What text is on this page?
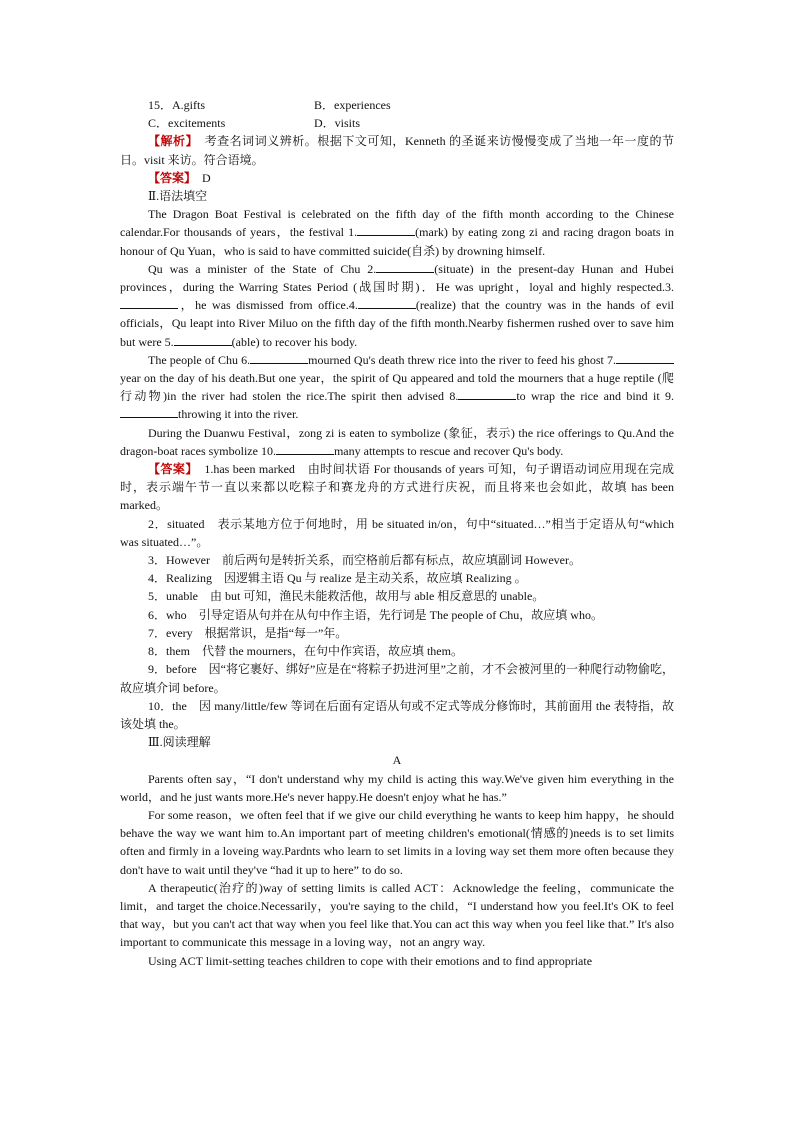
15．A.gifts	B．experiences
C．excitements	D．visits

【解析】　考查名词词义辨析。根据下文可知，Kenneth 的圣诞来访慢慢变成了当地一年一度的节日。visit 来访。符合语境。

【答案】　D

Ⅱ.语法填空

The Dragon Boat Festival is celebrated on the fifth day of the fifth month according to the Chinese calendar.For thousands of years，the festival 1.	(mark) by eating zong zi and racing dragon boats in honour of Qu Yuan，who is said to have committed suicide(自杀) by drowning himself.

Qu was a minister of the State of Chu 2.	(situate) in the present-day Hunan and Hubei provinces，during the Warring States Period (战国时期)．He was upright，loyal and highly respected.3.，he was dismissed from office.4.	(realize) that the country was in the hands of evil officials，Qu leapt into River Miluo on the fifth day of the fifth month.Nearby fishermen rushed over to save him but were 5.	(able) to recover his body.

The people of Chu 6.	mourned Qu's death threw rice into the river to feed his ghost 7.year on the day of his death.But one year，the spirit of Qu appeared and told the mourners that a huge reptile (爬行动物)in the river had stolen the rice.The spirit then advised 8.	to wrap the rice and bind it 9.throwing it into the river.

During the Duanwu Festival，zong zi is eaten to symbolize (象征，表示) the rice offerings to Qu.And the dragon-boat races symbolize 10.	many attempts to rescue and recover Qu's body.

【答案】　1.has been marked　由时间状语 For thousands of years 可知，句子谓语动词应用现在完成时，表示端午节一直以来都以吃粽子和赛龙舟的方式进行庆祝，而且将来也会如此，故填 has been marked。

2．situated　表示某地方位于何地时，用 be situated in/on，句中“situated…”相当于定语从句“which was situated…”。

3．However　前后两句是转折关系，而空格前后都有标点，故应填副词 However。

4．Realizing　因逻辑主语 Qu 与 realize 是主动关系，故应填 Realizing 。

5．unable　由 but 可知，渔民未能救活他，故用与 able 相反意思的 unable。

6．who　引导定语从句并在从句中作主语，先行词是 The people of Chu，故应填 who。

7．every　根据常识，是指“每一”年。

8．them　代替 the mourners，在句中作宾语，故应填 them。

9．before　因“将它裹好、绑好”应是在“将粽子扔进河里”之前，才不会被河里的一种爬行动物偷吃，故应填介词 before。

10．the　因 many/little/few 等词在后面有定语从句或不定式等成分修饰时，其前面用 the 表特指，故该处填 the。

Ⅲ.阅读理解

A

Parents often say，“I don't understand why my child is acting this way.We've given him everything in the world，and he just wants more.He's never happy.He doesn't enjoy what he has.”

For some reason，we often feel that if we give our child everything he wants to keep him happy，he should behave the way we want him to.An important part of meeting children's emotional(情感的)needs is to set limits often and firmly in a loveing way.Pardnts who learn to set limits in a loving way set them more often because they don't have to wait until they've “had it up to here” to do so.

A therapeutic(治疗的)way of setting limits is called ACT：Acknowledge the feeling，communicate the limit，and target the choice.Necessarily，you're saying to the child，“I understand how you feel.It's OK to feel that way，but you can't act that way when you feel like that.You can act this way when you feel like that.” It's also important to communicate this message in a loving way，not an angry way.

Using ACT limit-setting teaches children to cope with their emotions and to find appropriate
